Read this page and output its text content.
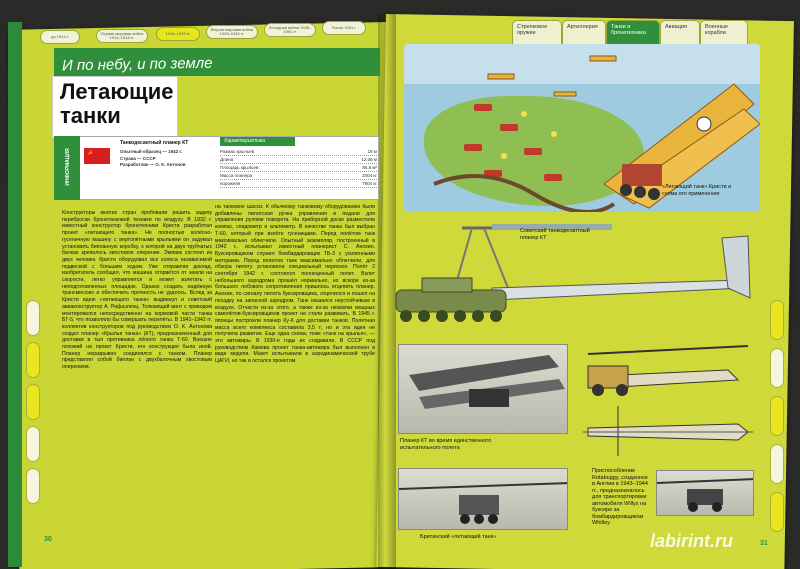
до 1914 г.
Первая мировая война 1914–1918 гг.
1918–1939 гг.
Вторая мировая война 1939–1945 гг.
Холодная война 1945–1991 гг.
После 1991 г.
И по небу, и по земле
Летающие
танки
ИНФОРМАЦИЯ	☭
Танкодесантный планер КТ
Опытный образец — 1942 г.
Страна — СССР
Разработчик — О. К. Антонов
Характеристики
Размах крыльев	18 м
Длина	12,06 м
Площадь крыльев	85,8 м²
Масса планера	2004 кг
порожняя	7804 кг
Конструкторы многих стран пробовали решить задачу переброски бронетанковой техники по воздуху. В 1932 г. известный конструктор бронетехники Кристи разработал проект «летающего танка». Не полностью колёсно-гусеничную машину с вертолётными крыльями он задумал установить бипланную коробку, к которой на двух трубчатых балках крепилось хвостовое оперение. Экипаж состоял из двух человек. Кристи оборудовал все колеса независимой подвеской с большим ходом. Уже отправляя доклад, изобретатель сообщил, что машина оторвётся от земли на скорости, легко управляется и может взлетать с неподготовленных площадок. Однако создать надёжную трансмиссию и обеспечить прочность не удалось. Вслед за Кристи идею «летающего танка» выдвинул и советский авиаконструктор А. Рафаэлянц. Толкающий винт с приводом монтировался непосредственно на кормовой части танка БТ-5, что позволяло бы совершать перелёты. В 1941–1942 гг. коллектив конструкторов под руководством О. К. Антонова создал планер «Крылья танка» (КТ), предназначенный для доставки в тыл противника лёгкого танка Т-60. Внешне похожий на проект Кристи, его конструкция была иной. Планер неразрывно соединялся с танком. Планер представлял собой биплан с двухбалочным хвостовым оперением.
на танковое шасси. К обычному танковому оборудованию были добавлены пилотская ручка управления и педали для управления рулями поворота. На приборной доске разместили компас, спидометр и альтиметр. В качестве танка был выбран Т-60, который при взлёте гусеницами. Перед полётом танк максимально облегчили. Опытный экземпляр, построенный в 1942 г., испытывал известный планерист С. Анохин. Буксировщиком служил бомбардировщик ТБ-3 с усиленными моторами. Перед полетом танк максимально облегчили, для обзора пилоту установили специальный перископ. Полёт 2 сентября 1942 г. состоялся полноценный полет. Взлет небольшого аэродрома прошёл нормально, но вскоре из-за большого лобового сопротивления пришлось отцепить планер. Анохин, по сигналу пилота буксировщика, отцепился и пошел на посадку на запасной аэродром. Танк оказался неустойчивым в воздухе. Отчасти из-за этого, а также из-за нехватки мощных самолётов-буксировщиков проект не стали развивать. В 1945 г. японцы построили планер Ку-6 для доставки танков. Полетная масса всего комплекса составила 3,5 т; но и эта идея не получила развития. Еще одна схема, тоже «танк на крылья», — это автожиры. В 1930-е годы их создавали. В СССР под руководством Камова проект танка-автожира был выполнен в виде модели. Макет испытывали в аэродинамической трубе ЦАГИ, но так и остался проектом.
30
Стрелковое оружие
Артиллерия	Танки и бронетехника
Авиация	Военные корабли
«Летающий танк» Кристи и схема его применения
Советский танкодесантный планер КТ
Планер КТ во время единственного испытательного полета
Британский «летающий танк»
Приспособление Rotabuggy, созданное в Англии в 1943–1944 гг., предназначалось для транспортировки автомобиля Willys на буксире за бомбардировщиком Whitley
31
labirint.ru
